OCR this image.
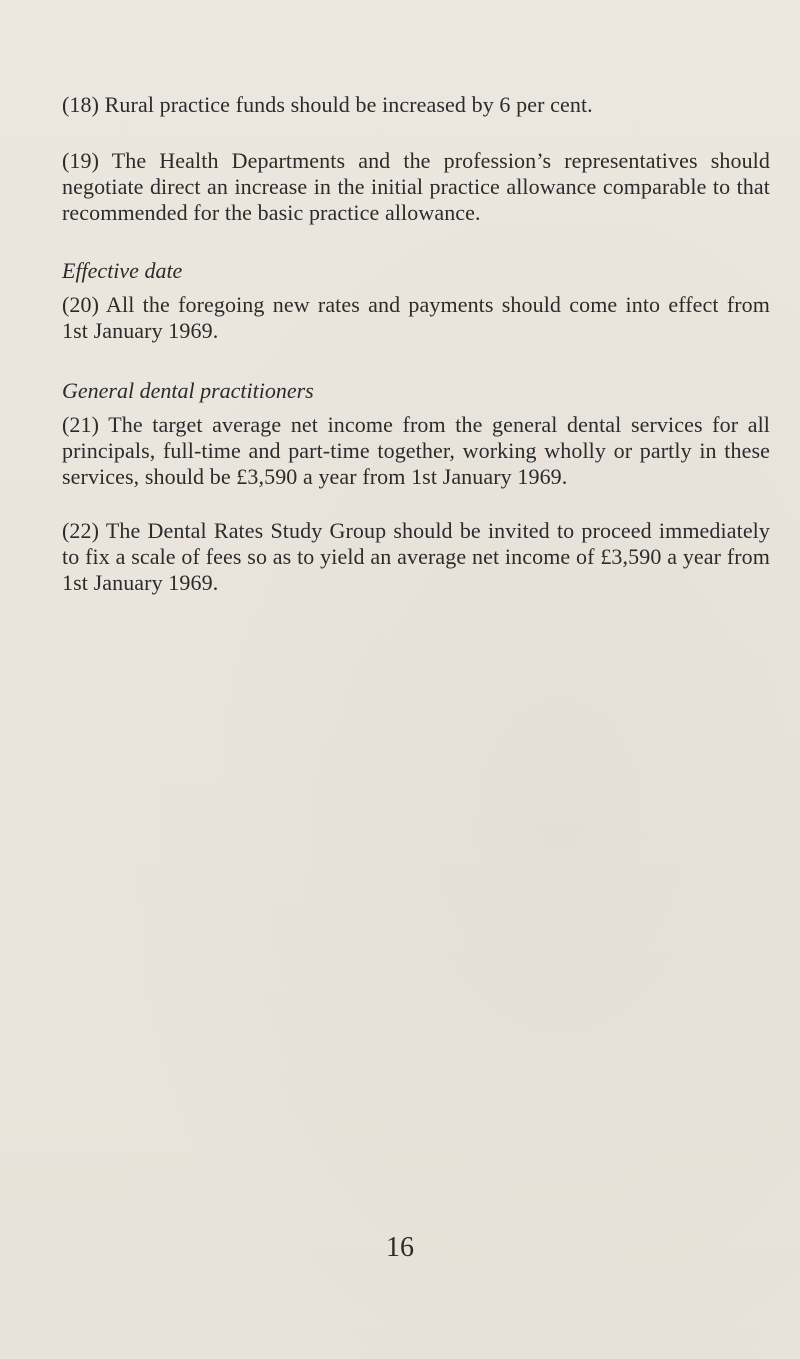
(18) Rural practice funds should be increased by 6 per cent.

(19) The Health Departments and the profession’s representatives should negotiate direct an increase in the initial practice allowance comparable to that recommended for the basic practice allowance.

Effective date

(20) All the foregoing new rates and payments should come into effect from 1st January 1969.

General dental practitioners

(21) The target average net income from the general dental services for all principals, full-time and part-time together, working wholly or partly in these services, should be £3,590 a year from 1st January 1969.

(22) The Dental Rates Study Group should be invited to proceed immediately to fix a scale of fees so as to yield an average net income of £3,590 a year from 1st January 1969.

16
